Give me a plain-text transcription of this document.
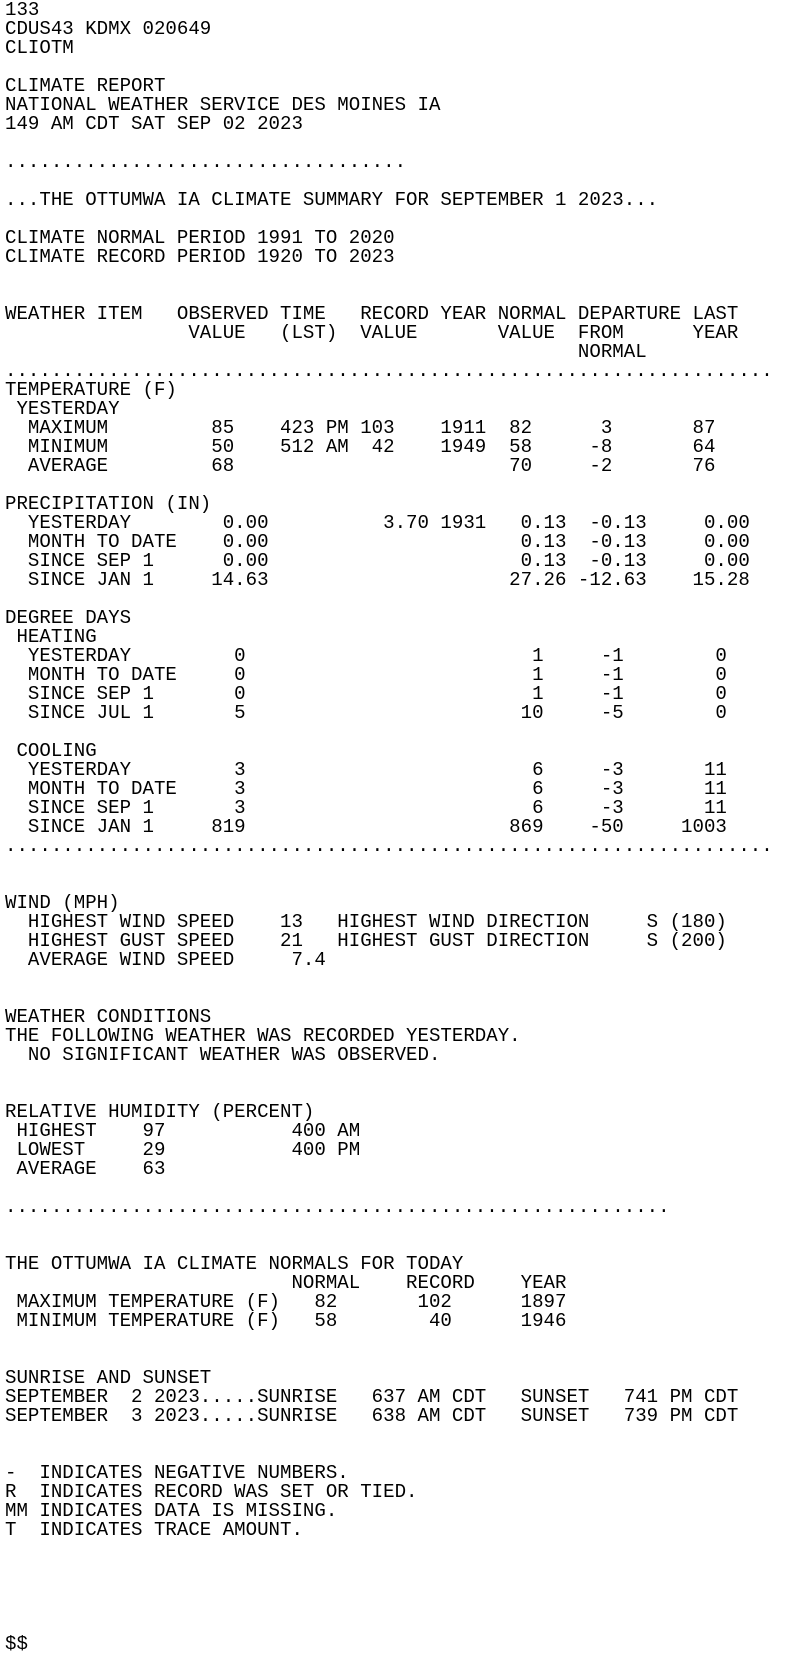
133
CDUS43 KDMX 020649
CLIOTM

CLIMATE REPORT
NATIONAL WEATHER SERVICE DES MOINES IA
149 AM CDT SAT SEP 02 2023

...................................

...THE OTTUMWA IA CLIMATE SUMMARY FOR SEPTEMBER 1 2023...

CLIMATE NORMAL PERIOD 1991 TO 2020
CLIMATE RECORD PERIOD 1920 TO 2023

WEATHER ITEM   OBSERVED TIME   RECORD YEAR NORMAL DEPARTURE LAST
VALUE   (LST)  VALUE       VALUE  FROM      YEAR
NORMAL
...................................................................
TEMPERATURE (F)
YESTERDAY
MAXIMUM         85    423 PM 103    1911  82      3       87
MINIMUM         50    512 AM  42    1949  58     -8       64
AVERAGE         68                        70     -2       76

PRECIPITATION (IN)
YESTERDAY        0.00          3.70 1931   0.13  -0.13     0.00
MONTH TO DATE    0.00                      0.13  -0.13     0.00
SINCE SEP 1      0.00                      0.13  -0.13     0.00
SINCE JAN 1     14.63                     27.26 -12.63    15.28

DEGREE DAYS
HEATING
YESTERDAY         0                         1     -1        0
MONTH TO DATE     0                         1     -1        0
SINCE SEP 1       0                         1     -1        0
SINCE JUL 1       5                        10     -5        0

COOLING
YESTERDAY         3                         6     -3       11
MONTH TO DATE     3                         6     -3       11
SINCE SEP 1       3                         6     -3       11
SINCE JAN 1     819                       869    -50     1003
...................................................................

WIND (MPH)
HIGHEST WIND SPEED    13   HIGHEST WIND DIRECTION     S (180)
HIGHEST GUST SPEED    21   HIGHEST GUST DIRECTION     S (200)
AVERAGE WIND SPEED     7.4

WEATHER CONDITIONS
THE FOLLOWING WEATHER WAS RECORDED YESTERDAY.
NO SIGNIFICANT WEATHER WAS OBSERVED.

RELATIVE HUMIDITY (PERCENT)
HIGHEST    97           400 AM
LOWEST     29           400 PM
AVERAGE    63

..........................................................

THE OTTUMWA IA CLIMATE NORMALS FOR TODAY
NORMAL    RECORD    YEAR
MAXIMUM TEMPERATURE (F)   82       102      1897
MINIMUM TEMPERATURE (F)   58        40      1946

SUNRISE AND SUNSET
SEPTEMBER  2 2023.....SUNRISE   637 AM CDT   SUNSET   741 PM CDT
SEPTEMBER  3 2023.....SUNRISE   638 AM CDT   SUNSET   739 PM CDT

-  INDICATES NEGATIVE NUMBERS.
R  INDICATES RECORD WAS SET OR TIED.
MM INDICATES DATA IS MISSING.
T  INDICATES TRACE AMOUNT.

$$
